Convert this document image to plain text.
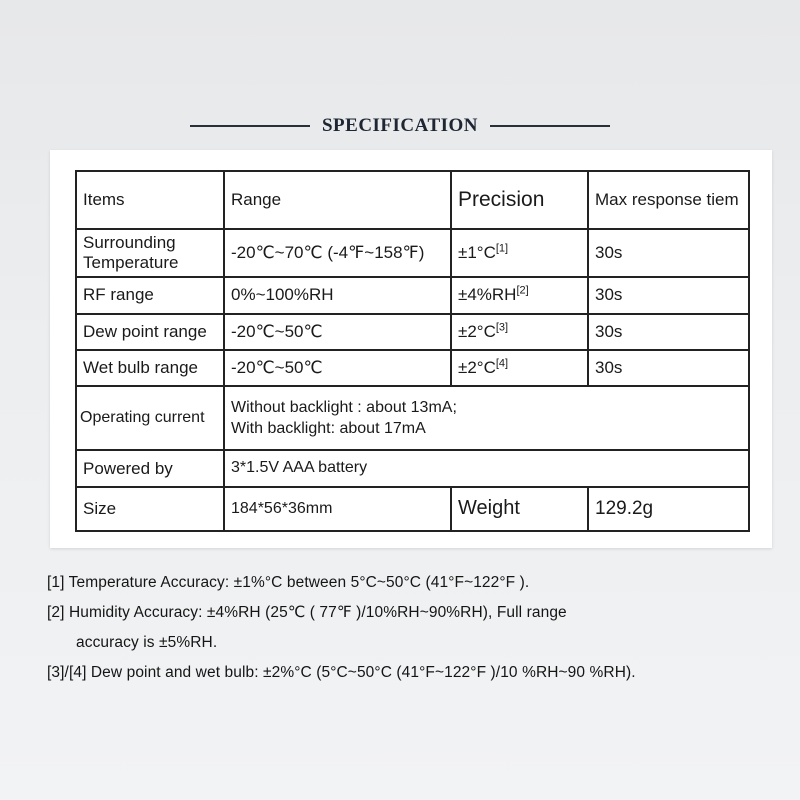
SPECIFICATION
Items	Range	Precision	Max response tiem
Surrounding Temperature	-20℃~70℃ (-4℉~158℉)	±1°C[1]	30s
RF range	0%~100%RH	±4%RH[2]	30s
Dew point range	-20℃~50℃	±2°C[3]	30s
Wet bulb range	-20℃~50℃	±2°C[4]	30s
Operating current	Without backlight : about 13mA;
With backlight: about 17mA		

Powered by	3*1.5V AAA battery		
Size	184*56*36mm	Weight	129.2g
[1] Temperature Accuracy: ±1%°C between 5°C~50°C (41°F~122°F ).
[2] Humidity Accuracy: ±4%RH (25℃ ( 77℉ )/10%RH~90%RH), Full range
accuracy is ±5%RH.
[3]/[4] Dew point and wet bulb: ±2%°C (5°C~50°C (41°F~122°F )/10 %RH~90 %RH).
